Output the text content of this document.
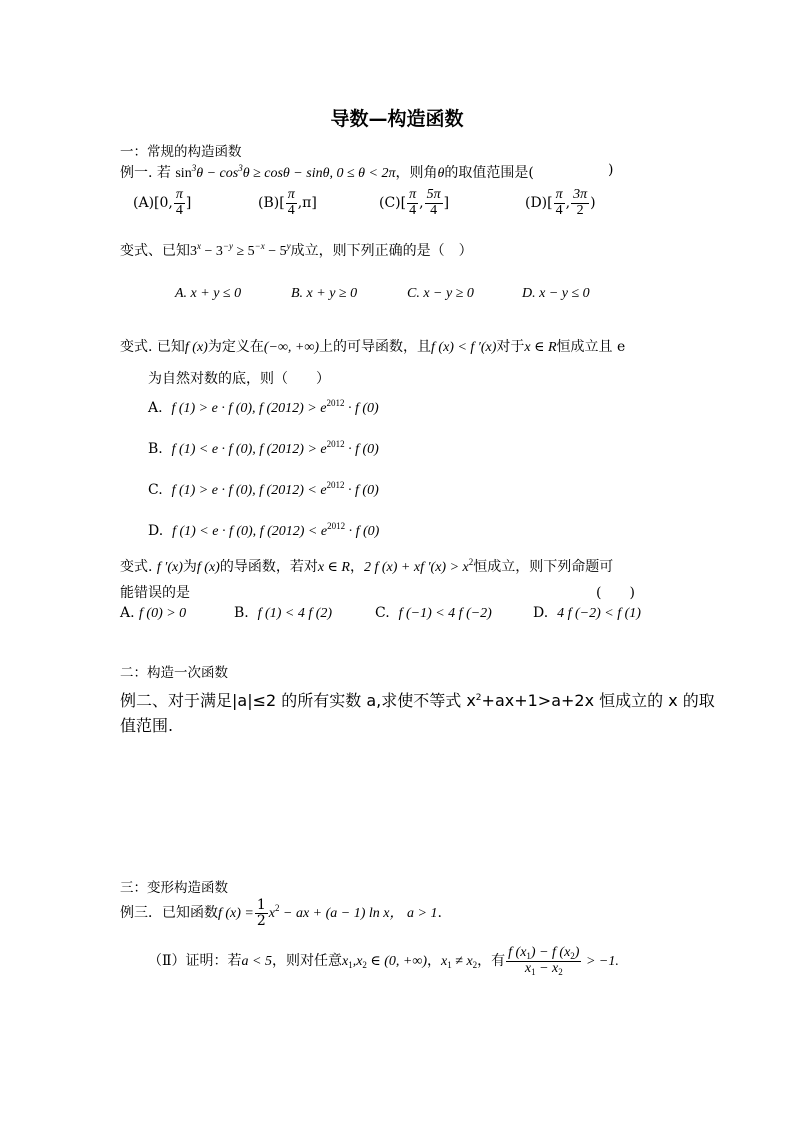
导数—构造函数
一：常规的构造函数
例一. 若 $\sin^3\theta - \cos^3\theta \ge \cos\theta - \sin\theta$, 0 ≤ θ < 2π，则角θ的取值范围是(	)
(A)[0, $\frac{\pi}{4}$ ]	$(B)[ \frac{\pi}{4} ,\pi]$	$(C)[ \frac{\pi}{4}$ , $\frac{5\pi}{4}$ ]	$(D)[ \frac{\pi}{4}$ , $\frac{3\pi}{2}$ )
变式、已知$3^x - 3^{-y} \ge 5^{-x} - 5^y$成立，则下列正确的是（　）
A. x + y ≤ 0	B. x + y ≥ 0	C. x − y ≥ 0	D. x − y ≤ 0
变式. 已知f (x)为定义在(−∞, +∞)上的可导函数，且f (x) < f ′(x)对于x ∈ R恒成立且 e
为自然对数的底，则（　　）
A. f (1) > e · f (0), f $(2012) > e^{2012} \cdot f$ (0)
B. f (1) < e · f (0), f $(2012) > e^{2012} \cdot f$ (0)
C. f (1) > e · f (0), f $(2012) < e^{2012} \cdot f$ (0)
D. f (1) < e · f (0), f $(2012) < e^{2012} \cdot f$ (0)
变式. f ′(x)为f (x)的导函数，若对x ∈ R，2 f (x) + xf $'(x) > x^2$恒成立，则下列命题可
能错误的是	(　　)
A. f (0) > 0	B. f (1) < 4 f (2)	C. f (−1) < 4 f (−2)	D. 4 f (−2) < f (1)
二：构造一次函数
例二、对于满足|a|≤2 的所有实数 a,求使不等式 $x^2+ax+1>a+2x$ 恒成立的 x 的取
值范围.
三：变形构造函数
例三．已知函数f $(x) = \frac{1}{2} x^2$ − ax + (a − 1) ln x， a > 1.
（Ⅱ）证明：若a < 5，则对任意$x_1,x_2$ ∈ (0, +∞)，$x_1 \ne x_2$，有 $\frac{f (x_1) - f (x_2)}{x_1 - x_2} > -1$.
